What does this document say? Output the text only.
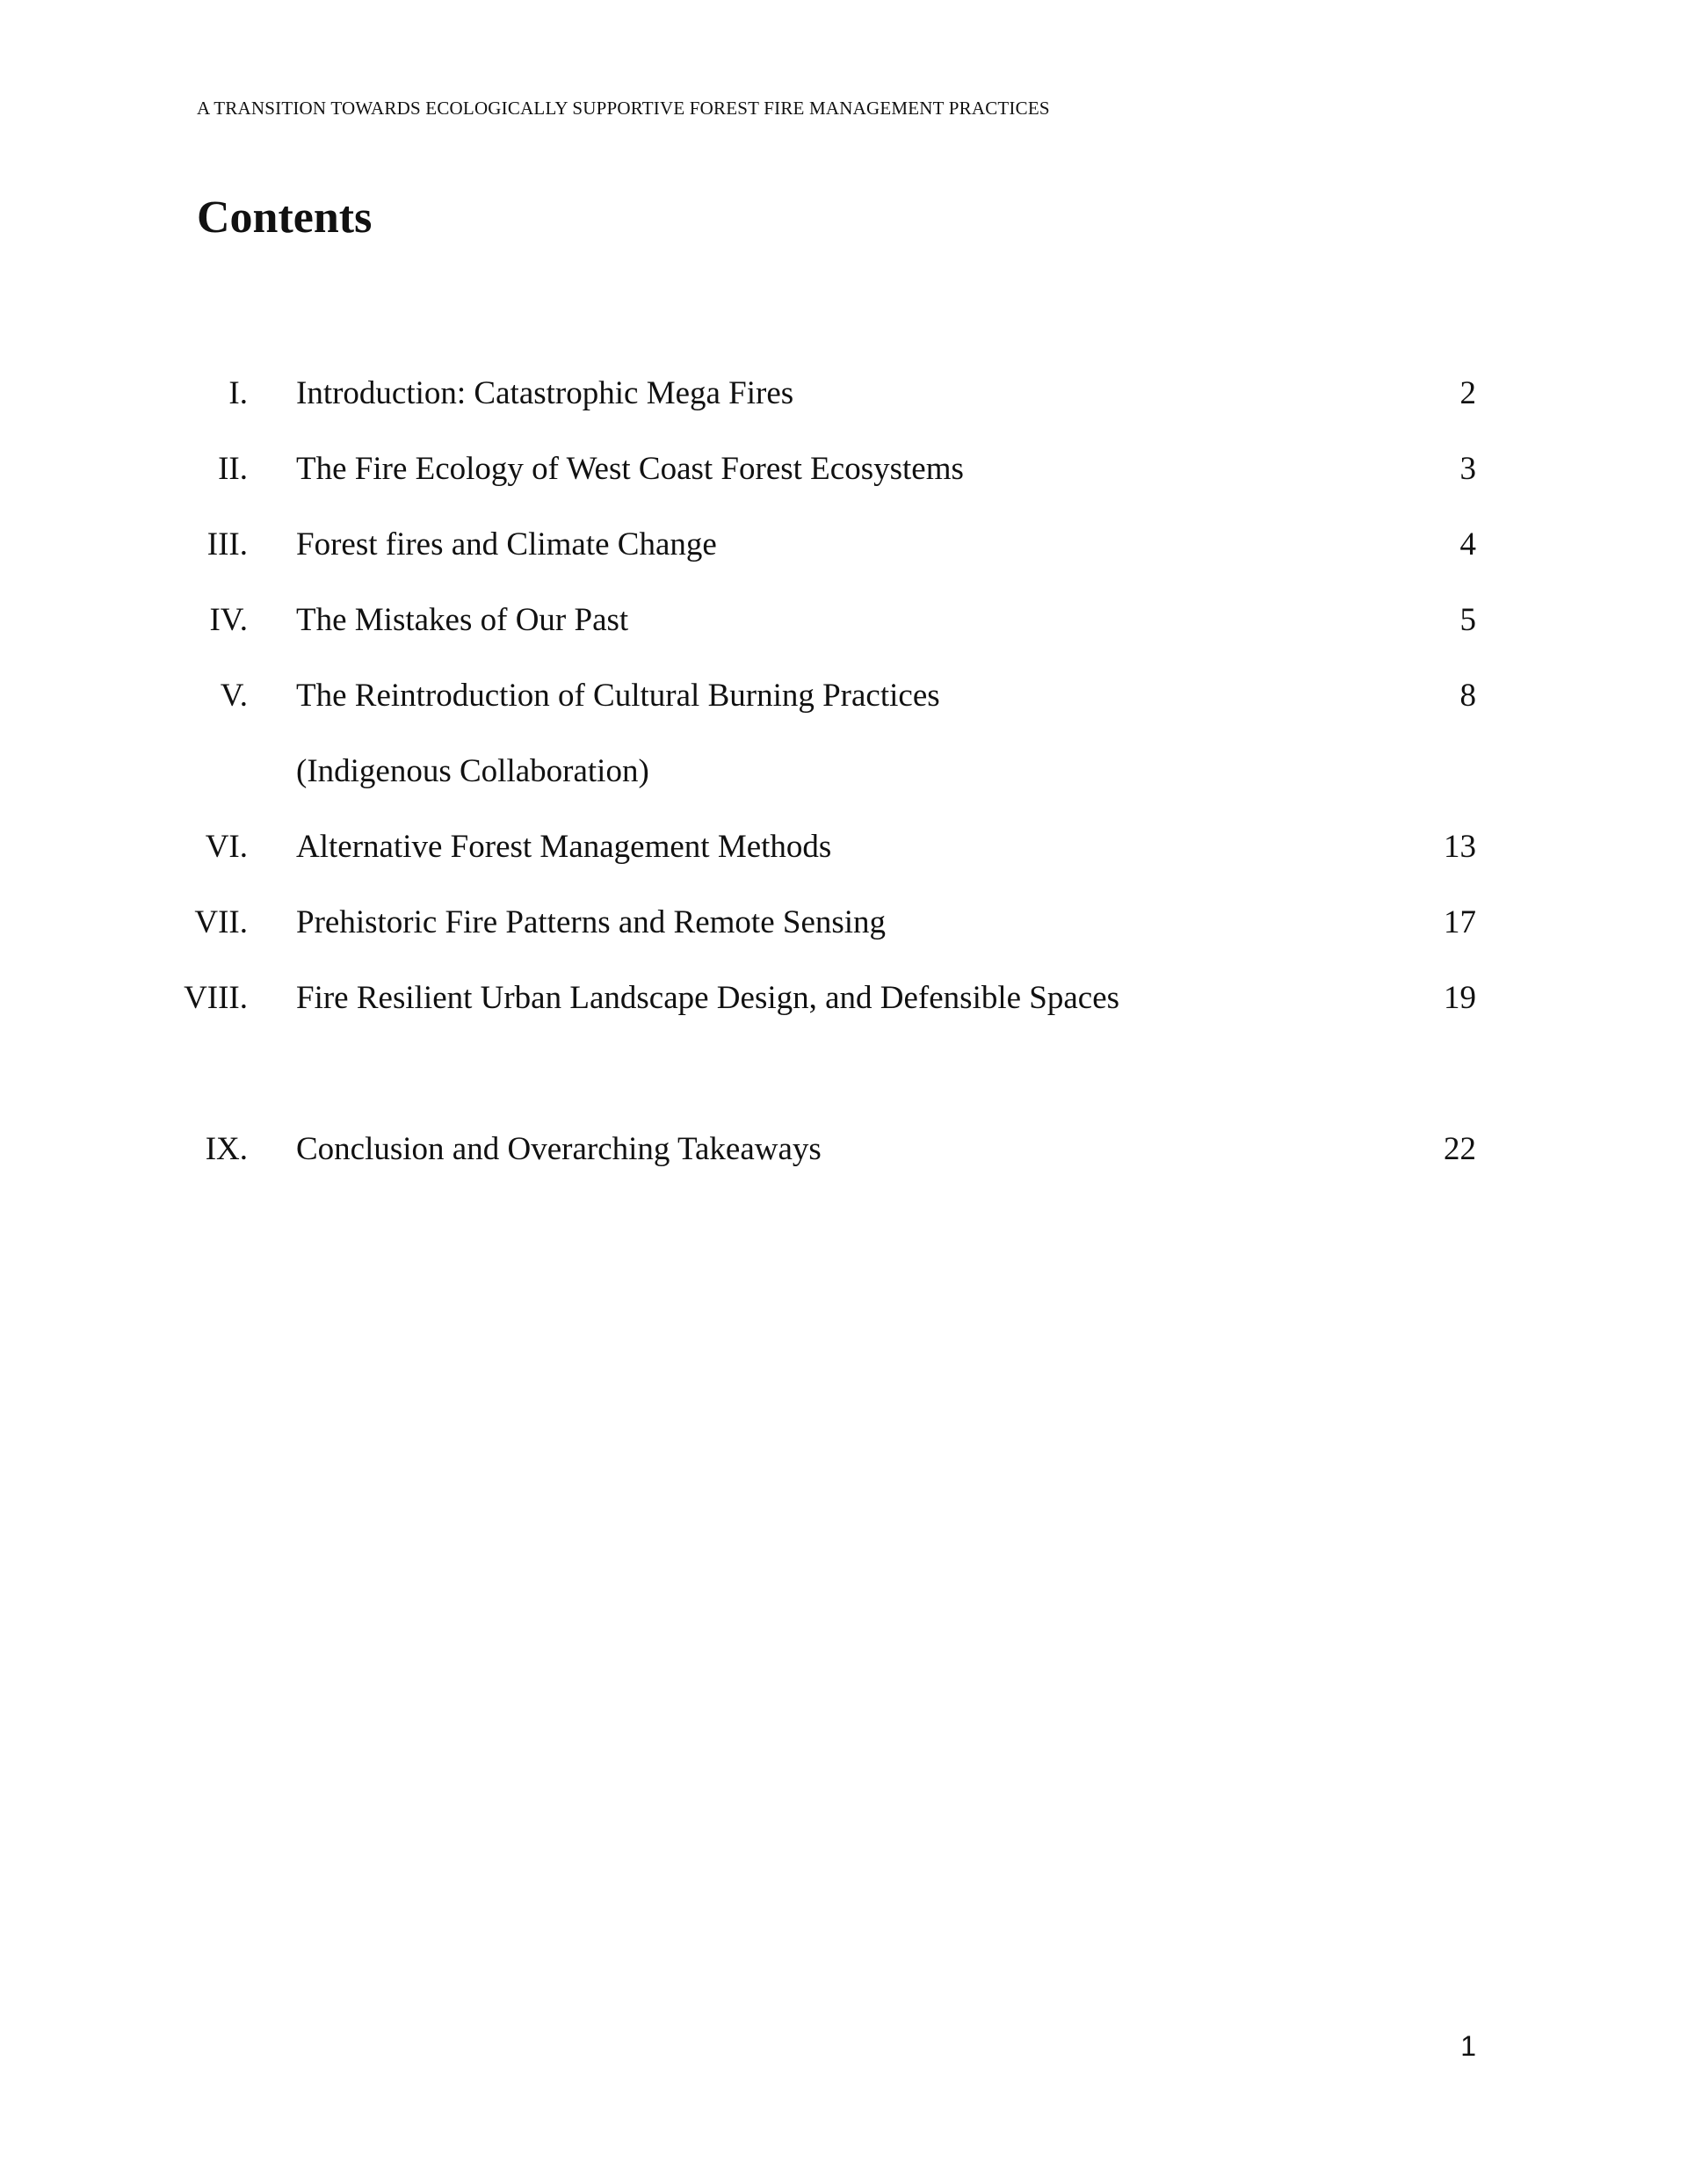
A TRANSITION TOWARDS ECOLOGICALLY SUPPORTIVE FOREST FIRE MANAGEMENT PRACTICES
Contents
I. Introduction: Catastrophic Mega Fires	2
II. The Fire Ecology of West Coast Forest Ecosystems	3
III. Forest fires and Climate Change	4
IV. The Mistakes of Our Past	5
V. The Reintroduction of Cultural Burning Practices	8
(Indigenous Collaboration)
VI. Alternative Forest Management Methods	13
VII. Prehistoric Fire Patterns and Remote Sensing	17
VIII. Fire Resilient Urban Landscape Design, and Defensible Spaces	19
IX. Conclusion and Overarching Takeaways	22
1
